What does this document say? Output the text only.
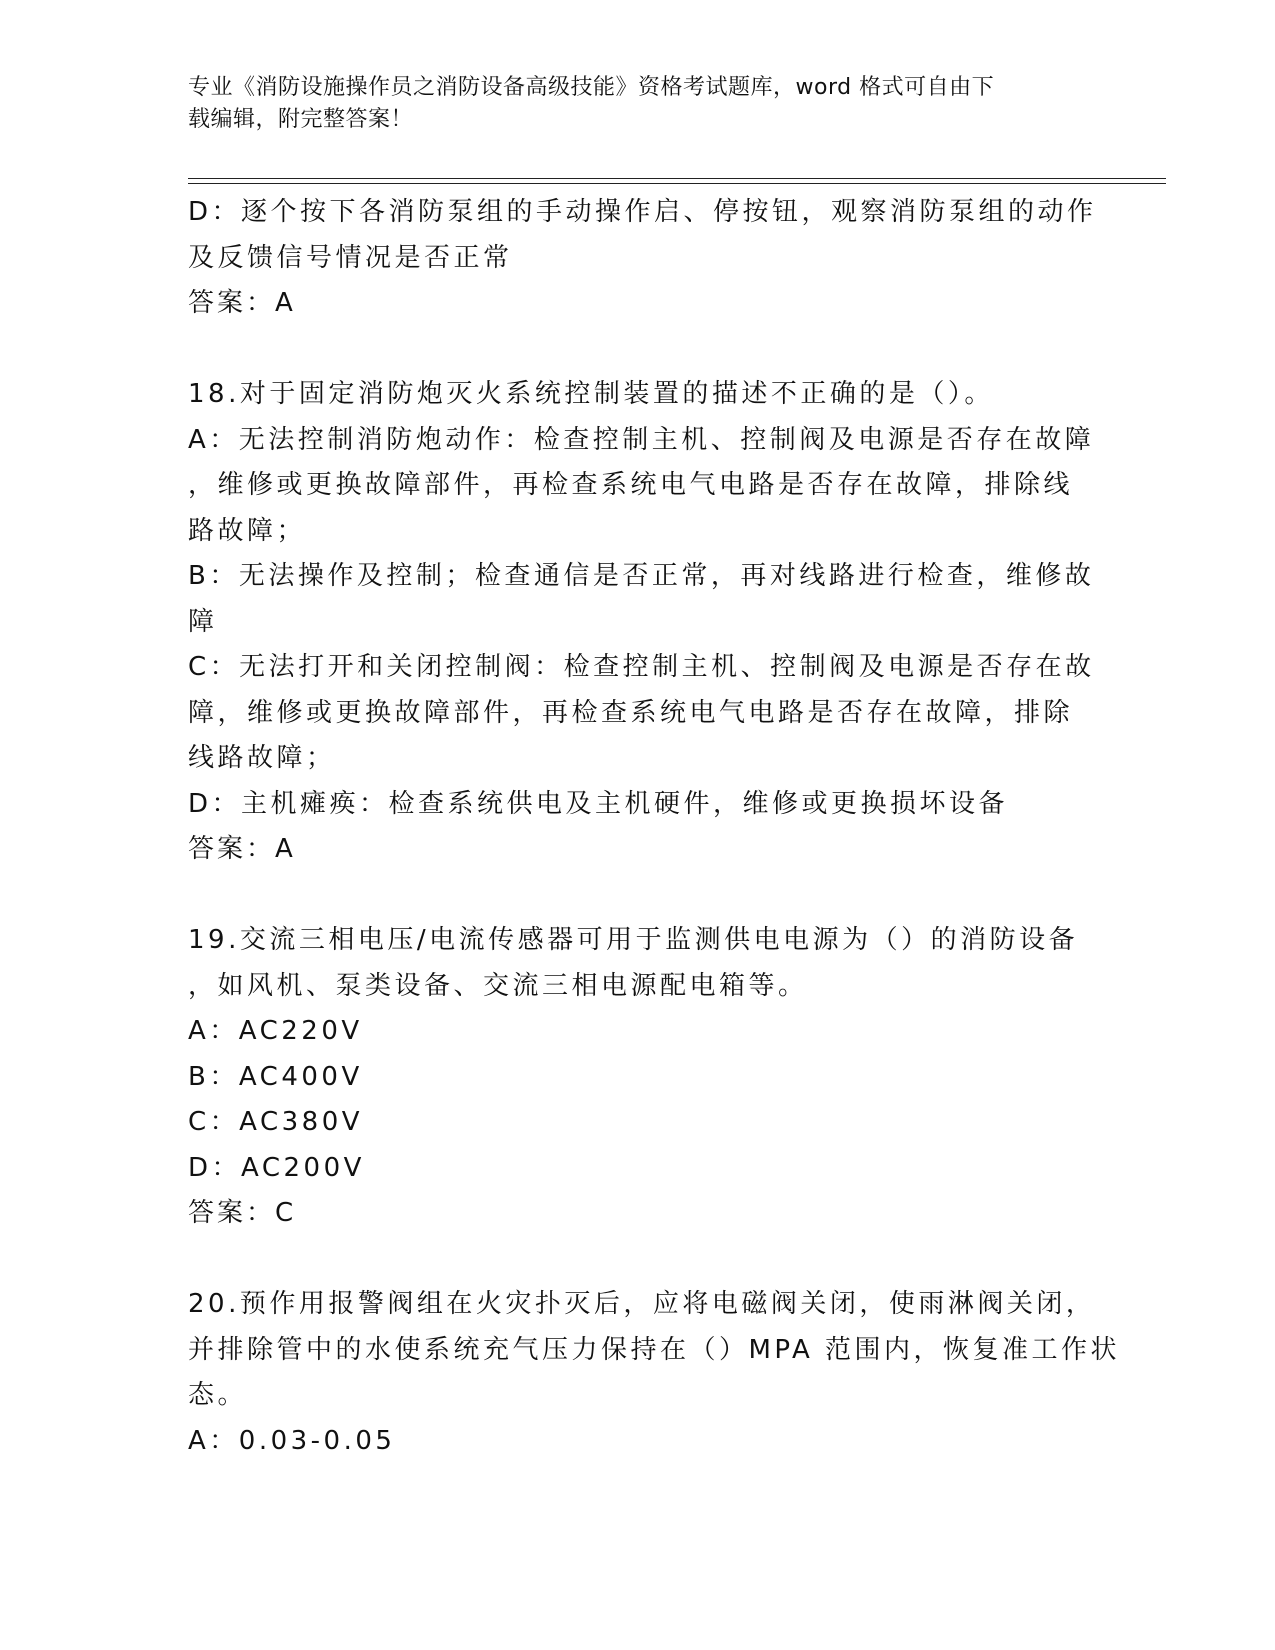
专业《消防设施操作员之消防设备高级技能》资格考试题库，word 格式可自由下
载编辑，附完整答案！

D：逐个按下各消防泵组的手动操作启、停按钮，观察消防泵组的动作

及反馈信号情况是否正常

答案：A

18.对于固定消防炮灭火系统控制装置的描述不正确的是（）。

A：无法控制消防炮动作：检查控制主机、控制阀及电源是否存在故障

，维修或更换故障部件，再检查系统电气电路是否存在故障，排除线

路故障；

B：无法操作及控制；检查通信是否正常，再对线路进行检查，维修故

障

C：无法打开和关闭控制阀：检查控制主机、控制阀及电源是否存在故

障，维修或更换故障部件，再检查系统电气电路是否存在故障，排除

线路故障；

D：主机瘫痪：检查系统供电及主机硬件，维修或更换损坏设备

答案：A

19.交流三相电压/电流传感器可用于监测供电电源为（）的消防设备

，如风机、泵类设备、交流三相电源配电箱等。

A：AC220V

B：AC400V

C：AC380V

D：AC200V

答案：C

20.预作用报警阀组在火灾扑灭后，应将电磁阀关闭，使雨淋阀关闭，

并排除管中的水使系统充气压力保持在（）MPA 范围内，恢复准工作状

态。

A：0.03-0.05
